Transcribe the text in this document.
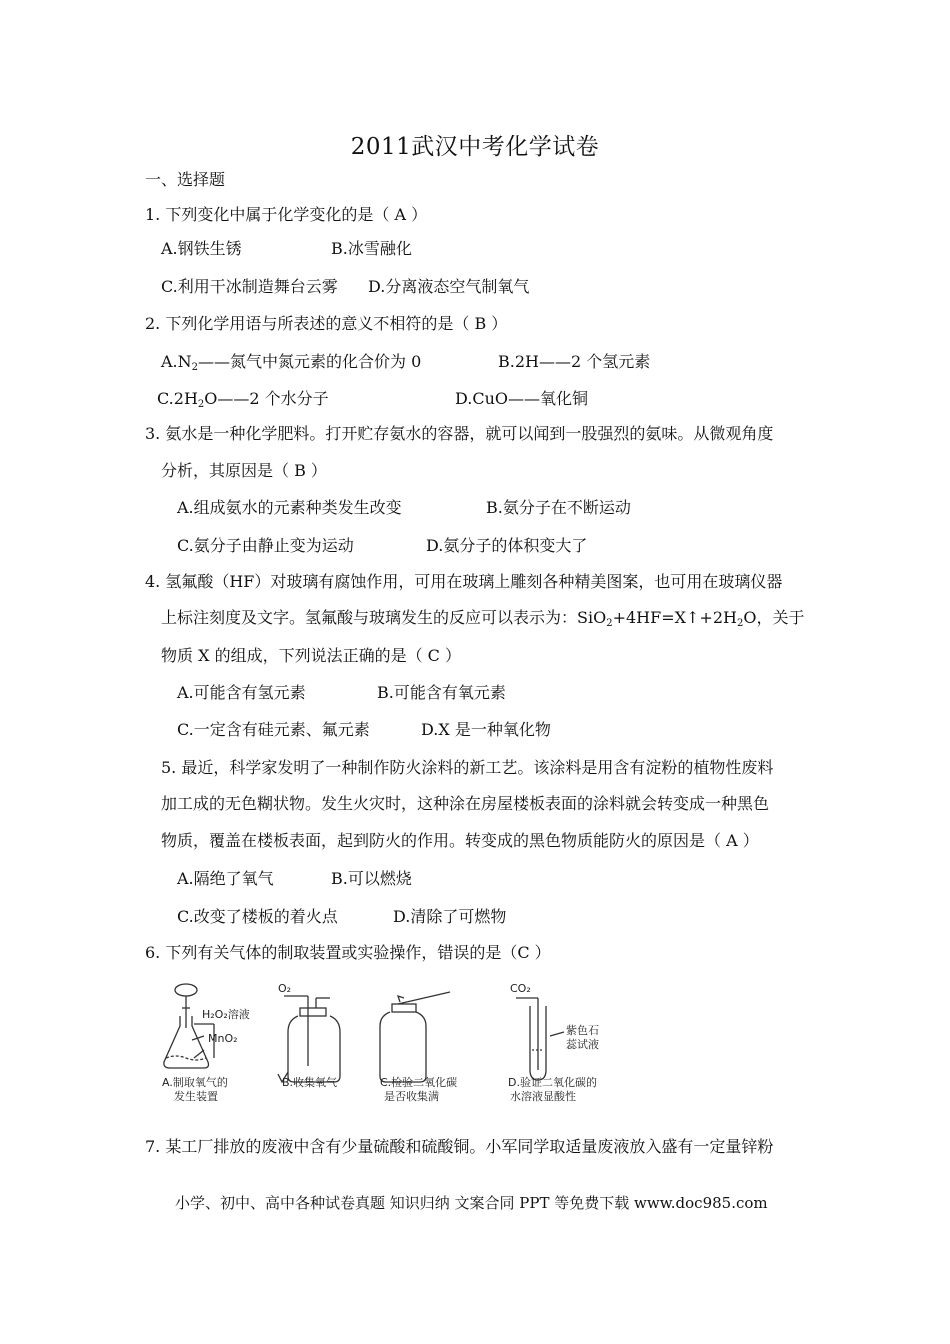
2011武汉中考化学试卷
一、选择题
1. 下列变化中属于化学变化的是（ A ）
A.钢铁生锈	B.冰雪融化
C.利用干冰制造舞台云雾 D.分离液态空气制氧气
2. 下列化学用语与所表述的意义不相符的是（ B ）
$A.N_2——$氮气中氮元素的化合价为 0	B.2H——2 个氢元素
$C.2H_2O——2$ 个水分子	D.CuO——氧化铜
3. 氨水是一种化学肥料。打开贮存氨水的容器，就可以闻到一股强烈的氨味。从微观角度
分析，其原因是（ B ）
A.组成氨水的元素种类发生改变	B.氨分子在不断运动
C.氨分子由静止变为运动	D.氨分子的体积变大了
4. 氢氟酸（HF）对玻璃有腐蚀作用，可用在玻璃上雕刻各种精美图案，也可用在玻璃仪器
上标注刻度及文字。氢氟酸与玻璃发生的反应可以表示为：$SiO_2+4HF=X↑+2H_2O$，关于
物质 X 的组成，下列说法正确的是（ C ）
A.可能含有氢元素	B.可能含有氧元素
C.一定含有硅元素、氟元素	D.X 是一种氧化物
5. 最近，科学家发明了一种制作防火涂料的新工艺。该涂料是用含有淀粉的植物性废料
加工成的无色糊状物。发生火灾时，这种涂在房屋楼板表面的涂料就会转变成一种黑色
物质，覆盖在楼板表面，起到防火的作用。转变成的黑色物质能防火的原因是（ A ）
A.隔绝了氧气	B.可以燃烧
C.改变了楼板的着火点	D.清除了可燃物
6. 下列有关气体的制取装置或实验操作，错误的是（C ）
H₂O₂溶液
MnO₂
A.制取氧气的
发生装置
O₂
B.收集氧气	C.检验二氧化碳
是否收集满
CO₂
紫色石
蕊试液
D.验证二氧化碳的
水溶液显酸性
7. 某工厂排放的废液中含有少量硫酸和硫酸铜。小军同学取适量废液放入盛有一定量锌粉
小学、初中、高中各种试卷真题 知识归纳 文案合同 PPT 等免费下载 www.doc985.com
